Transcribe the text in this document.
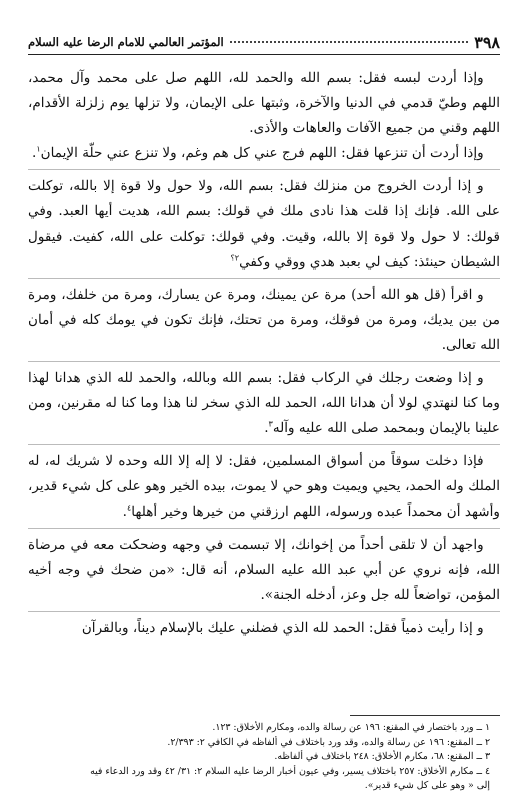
٣٩٨
المؤتمر العالمي للامام الرضا عليه السلام

وإذا أردت لبسه فقل: بسم الله والحمد لله، اللهم صل على محمد وآل محمد، اللهم وطيّ قدمي في الدنيا والآخرة، وثبتها على الإيمان، ولا تزلها يوم زلزلة الأقدام، اللهم وقني من جميع الآفات والعاهات والأذى.

وإذا أردت أن تنزعها فقل: اللهم فرج عني كل هم وغم، ولا تنزع عني حلّة الإيمان$^١$.

و إذا أردت الخروج من منزلك فقل: بسم الله، ولا حول ولا قوة إلا بالله، توكلت على الله. فإنك إذا قلت هذا نادى ملك في قولك: بسم الله، هديت أيها العبد. وفي قولك: لا حول ولا قوة إلا بالله، وقيت. وفي قولك: توكلت على الله، كفيت. فيقول الشيطان حينئذ: كيف لي بعبد هدي ووقي وكفي$^{٢؟}$

و اقرأ (قل هو الله أحد) مرة عن يمينك، ومرة عن يسارك، ومرة من خلفك، ومرة من بين يديك، ومرة من فوقك، ومرة من تحتك، فإنك تكون في يومك كله في أمان الله تعالى.

و إذا وضعت رجلك في الركاب فقل: بسم الله وبالله، والحمد لله الذي هدانا لهذا وما كنا لنهتدي لولا أن هدانا الله، الحمد لله الذي سخر لنا هذا وما كنا له مقرنين، ومن علينا بالإيمان وبمحمد صلى الله عليه وآله$^٣$.

فإذا دخلت سوقاً من أسواق المسلمين، فقل: لا إله إلا الله وحده لا شريك له، له الملك وله الحمد، يحيي ويميت وهو حي لا يموت، بيده الخير وهو على كل شيء قدير، وأشهد أن محمداً عبده ورسوله، اللهم ارزقني من خيرها وخير أهلها$^٤$.

واجهد أن لا تلقى أحداً من إخوانك، إلا تبسمت في وجهه وضحكت معه في مرضاة الله، فإنه نروي عن أبي عبد الله عليه السلام، أنه قال: «من ضحك في وجه أخيه المؤمن، تواضعاً لله جل وعز، أدخله الجنة».

و إذا رأيت ذمياً فقل: الحمد لله الذي فضلني عليك بالإسلام ديناً، وبالقرآن

١ ــ ورد باختصار في المقنع: ١٩٦ عن رسالة والده، ومكارم الأخلاق: ١٢٣.

٢ ــ المقنع: ١٩٦ عن رسالة والده، وقد ورد باختلاف في ألفاظه في الكافي ٢: ٢/٣٩٣.

٣ ــ المقنع: ٦٨، مكارم الأخلاق: ٢٤٨ باختلاف في ألفاظه.

٤ ــ مكارم الأخلاق: ٢٥٧ باختلاف يسير، وفي عيون أخبار الرضا عليه السلام ٢: ٣١/ ٤٢ وقد ورد الدعاء فيه

إلى « وهو على كل شيء قدير».
